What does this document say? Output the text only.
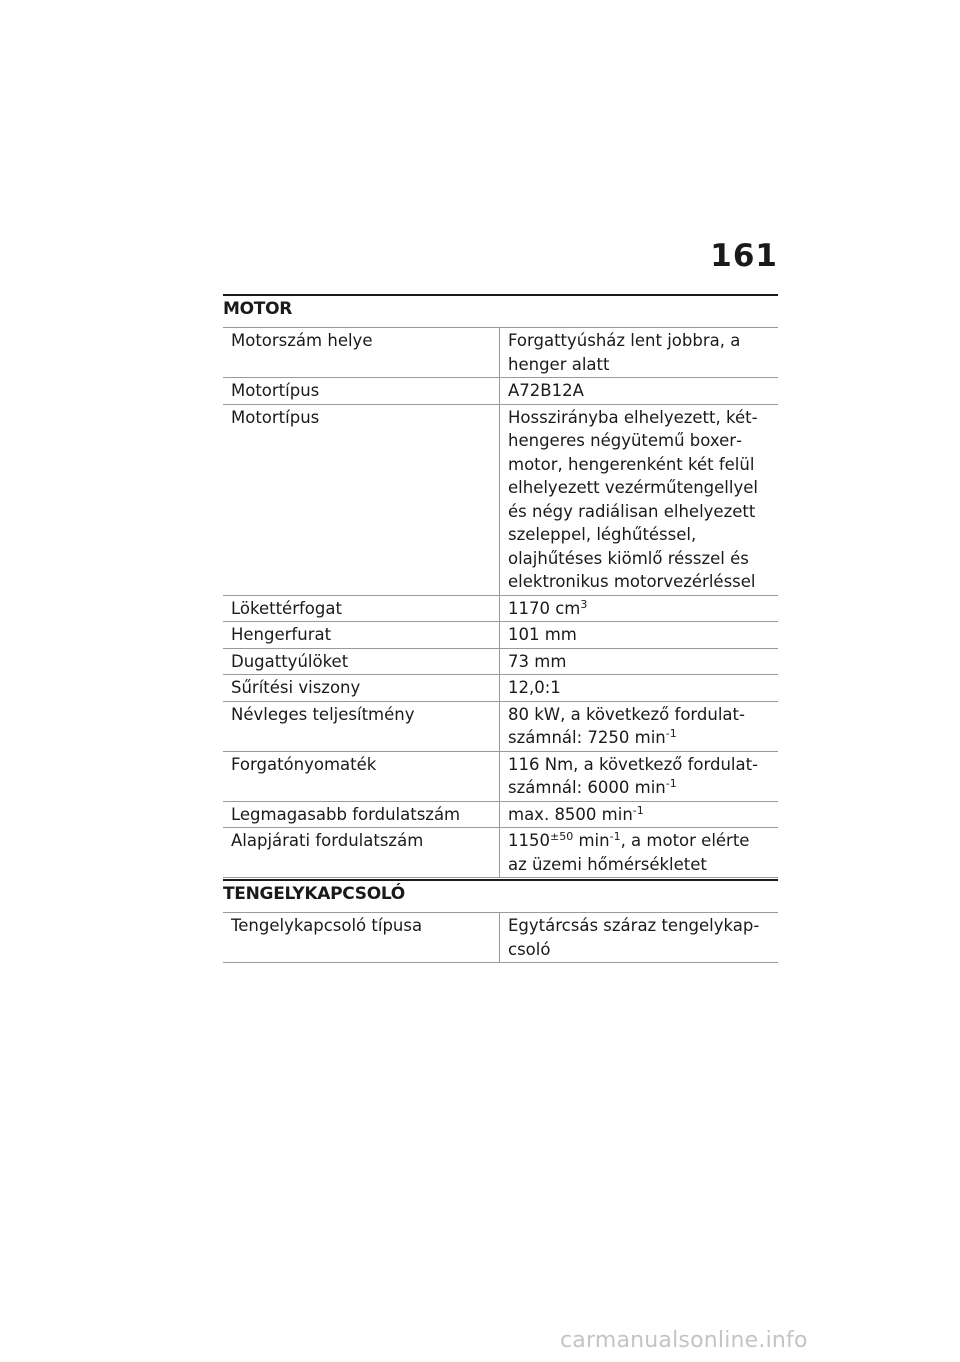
161
MOTOR
Motorszám helye	Forgattyúsház lent jobbra, a henger alatt
Motortípus	A72B12A
Motortípus	Hosszirányba elhelyezett, kéthengeres négyütemű boxermotor, hengerenként két felül elhelyezett vezérműtengellyel és négy radiálisan elhelyezett szeleppel, léghűtéssel, olajhűtéses kiömlő résszel és elektronikus motorvezérléssel
Lökettérfogat	1170 $cm^3$
Hengerfurat	101 mm
Dugattyúlöket	73 mm
Sűrítési viszony	12,0:1
Névleges teljesítmény	80 kW, a következő fordulatszámnál: 7250 $\min^{-1}$
Forgatónyomaték	116 Nm, a következő fordulatszámnál: 6000 $\min^{-1}$
Legmagasabb fordulatszám	max. 8500 $\min^{-1}$
Alapjárati fordulatszám	$1150^{\pm 50}$ $\min^{-1}$, a motor elérte az üzemi hőmérsékletet
TENGELYKAPCSOLÓ
Tengelykapcsoló típusa	Egytárcsás száraz tengelykapcsoló
carmanualsonline.info
